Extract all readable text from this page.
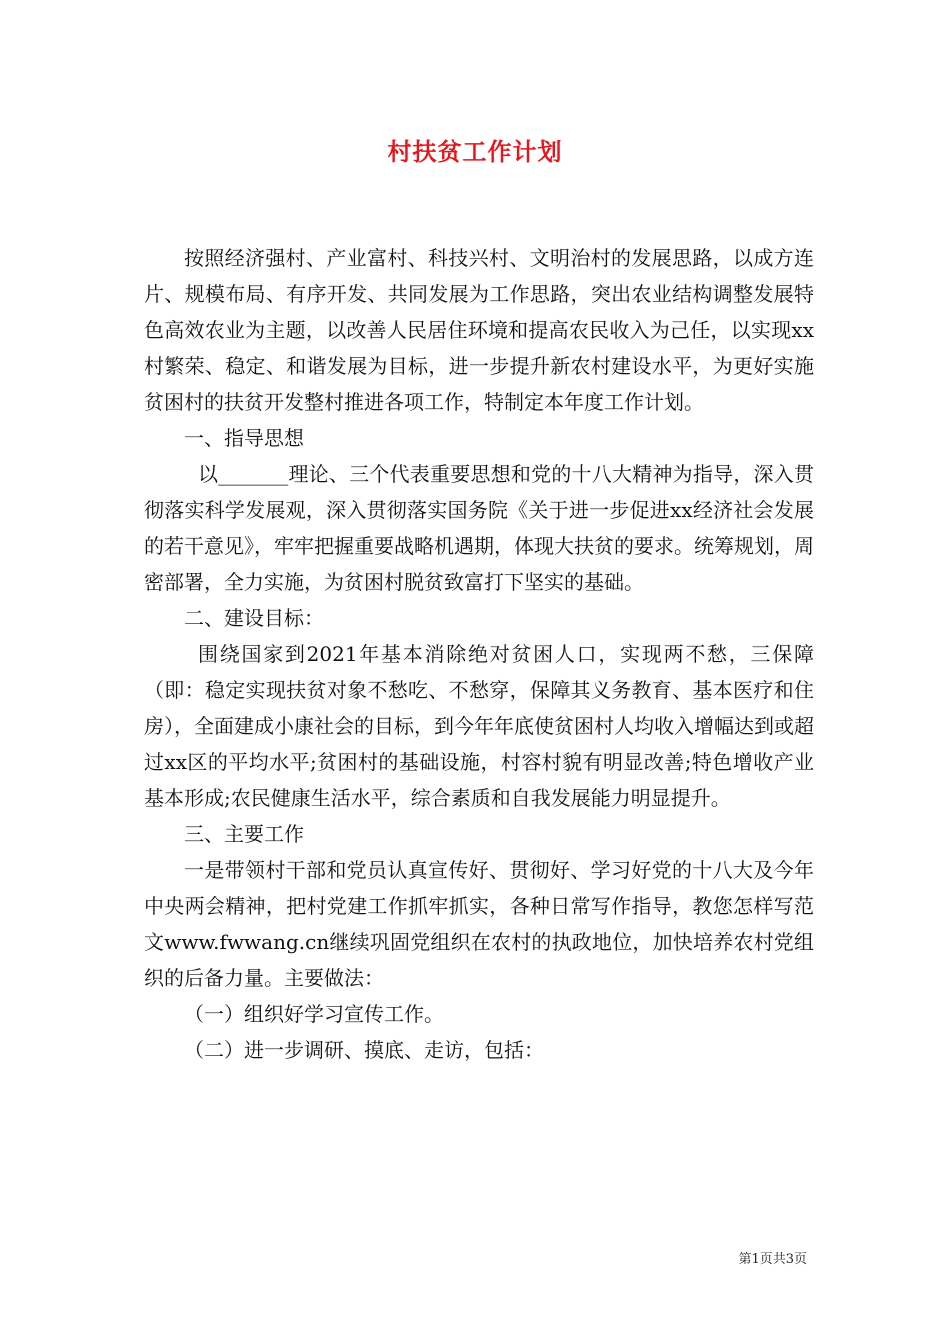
村扶贫工作计划

按照经济强村、产业富村、科技兴村、文明治村的发展思路，以成方连片、规模布局、有序开发、共同发展为工作思路，突出农业结构调整发展特色高效农业为主题，以改善人民居住环境和提高农民收入为己任，以实现xx村繁荣、稳定、和谐发展为目标，进一步提升新农村建设水平，为更好实施贫困村的扶贫开发整村推进各项工作，特制定本年度工作计划。

一、指导思想

以_______理论、三个代表重要思想和党的十八大精神为指导，深入贯彻落实科学发展观，深入贯彻落实国务院《关于进一步促进xx经济社会发展的若干意见》，牢牢把握重要战略机遇期，体现大扶贫的要求。统筹规划，周密部署，全力实施，为贫困村脱贫致富打下坚实的基础。

二、建设目标：

围绕国家到2021年基本消除绝对贫困人口，实现两不愁，三保障（即：稳定实现扶贫对象不愁吃、不愁穿，保障其义务教育、基本医疗和住房），全面建成小康社会的目标，到今年年底使贫困村人均收入增幅达到或超过xx区的平均水平;贫困村的基础设施，村容村貌有明显改善;特色增收产业基本形成;农民健康生活水平，综合素质和自我发展能力明显提升。

三、主要工作

一是带领村干部和党员认真宣传好、贯彻好、学习好党的十八大及今年中央两会精神，把村党建工作抓牢抓实，各种日常写作指导，教您怎样写范文www.fwwang.cn继续巩固党组织在农村的执政地位，加快培养农村党组织的后备力量。主要做法：

（一）组织好学习宣传工作。

（二）进一步调研、摸底、走访，包括：

第1页共3页
